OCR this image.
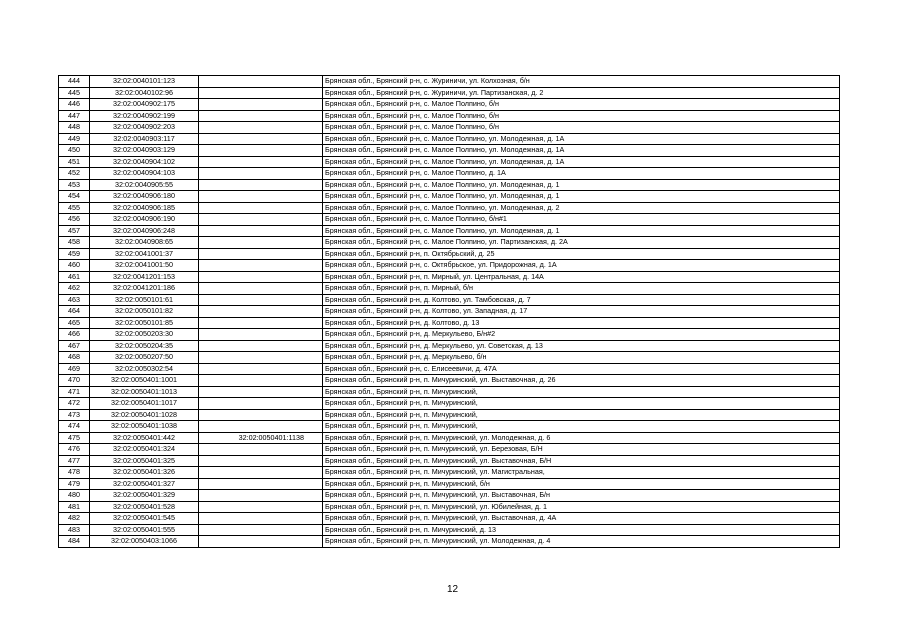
444	32:02:0040101:123		Брянская обл., Брянский р-н, с. Журиничи, ул. Колхозная, б/н
445	32:02:0040102:96		Брянская обл., Брянский р-н, с. Журиничи, ул. Партизанская, д. 2
446	32:02:0040902:175		Брянская обл., Брянский р-н, с. Малое Полпино, б/н
447	32:02:0040902:199		Брянская обл., Брянский р-н, с. Малое Полпино, б/н
448	32:02:0040902:203		Брянская обл., Брянский р-н, с. Малое Полпино, б/н
449	32:02:0040903:117		Брянская обл., Брянский р-н, с. Малое Полпино, ул. Молодежная, д. 1А
450	32:02:0040903:129		Брянская обл., Брянский р-н, с. Малое Полпино, ул. Молодежная, д. 1А
451	32:02:0040904:102		Брянская обл., Брянский р-н, с. Малое Полпино, ул. Молодежная, д. 1А
452	32:02:0040904:103		Брянская обл., Брянский р-н, с. Малое Полпино, д. 1А
453	32:02:0040905:55		Брянская обл., Брянский р-н, с. Малое Полпино, ул. Молодежная, д. 1
454	32:02:0040906:180		Брянская обл., Брянский р-н, с. Малое Полпино, ул. Молодежная, д. 1
455	32:02:0040906:185		Брянская обл., Брянский р-н, с. Малое Полпино, ул. Молодежная, д. 2
456	32:02:0040906:190		Брянская обл., Брянский р-н, с. Малое Полпино, б/н#1
457	32:02:0040906:248		Брянская обл., Брянский р-н, с. Малое Полпино, ул. Молодежная, д. 1
458	32:02:0040908:65		Брянская обл., Брянский р-н, с. Малое Полпино, ул. Партизанская, д. 2А
459	32:02:0041001:37		Брянская обл., Брянский р-н, п. Октябрьский, д. 25
460	32:02:0041001:50		Брянская обл., Брянский р-н, с. Октябрьское, ул. Придорожная, д. 1А
461	32:02:0041201:153		Брянская обл., Брянский р-н, п. Мирный, ул. Центральная, д. 14А
462	32:02:0041201:186		Брянская обл., Брянский р-н, п. Мирный, б/н
463	32:02:0050101:61		Брянская обл., Брянский р-н, д. Колтово, ул. Тамбовская, д. 7
464	32:02:0050101:82		Брянская обл., Брянский р-н, д. Колтово, ул. Западная, д. 17
465	32:02:0050101:85		Брянская обл., Брянский р-н, д. Колтово, д. 13
466	32:02:0050203:30		Брянская обл., Брянский р-н, д. Меркульево, Б/н#2
467	32:02:0050204:35		Брянская обл., Брянский р-н, д. Меркульево, ул. Советская, д. 13
468	32:02:0050207:50		Брянская обл., Брянский р-н, д. Меркульево, б/н
469	32:02:0050302:54		Брянская обл., Брянский р-н, с. Елисеевичи, д. 47А
470	32:02:0050401:1001		Брянская обл., Брянский р-н, п. Мичуринский, ул. Выставочная, д. 26
471	32:02:0050401:1013		Брянская обл., Брянский р-н, п. Мичуринский,
472	32:02:0050401:1017		Брянская обл., Брянский р-н, п. Мичуринский,
473	32:02:0050401:1028		Брянская обл., Брянский р-н, п. Мичуринский,
474	32:02:0050401:1038		Брянская обл., Брянский р-н, п. Мичуринский,
475	32:02:0050401:442	32:02:0050401:1138	Брянская обл., Брянский р-н, п. Мичуринский, ул. Молодежная, д. 6
476	32:02:0050401:324		Брянская обл., Брянский р-н, п. Мичуринский, ул. Березовая, Б/Н
477	32:02:0050401:325		Брянская обл., Брянский р-н, п. Мичуринский, ул. Выставочная, Б/Н
478	32:02:0050401:326		Брянская обл., Брянский р-н, п. Мичуринский, ул. Магистральная,
479	32:02:0050401:327		Брянская обл., Брянский р-н, п. Мичуринский, б/н
480	32:02:0050401:329		Брянская обл., Брянский р-н, п. Мичуринский, ул. Выставочная, Б/н
481	32:02:0050401:528		Брянская обл., Брянский р-н, п. Мичуринский, ул. Юбилейная, д. 1
482	32:02:0050401:545		Брянская обл., Брянский р-н, п. Мичуринский, ул. Выставочная, д. 4А
483	32:02:0050401:555		Брянская обл., Брянский р-н, п. Мичуринский, д. 13
484	32:02:0050403:1066		Брянская обл., Брянский р-н, п. Мичуринский, ул. Молодежная, д. 4
12
